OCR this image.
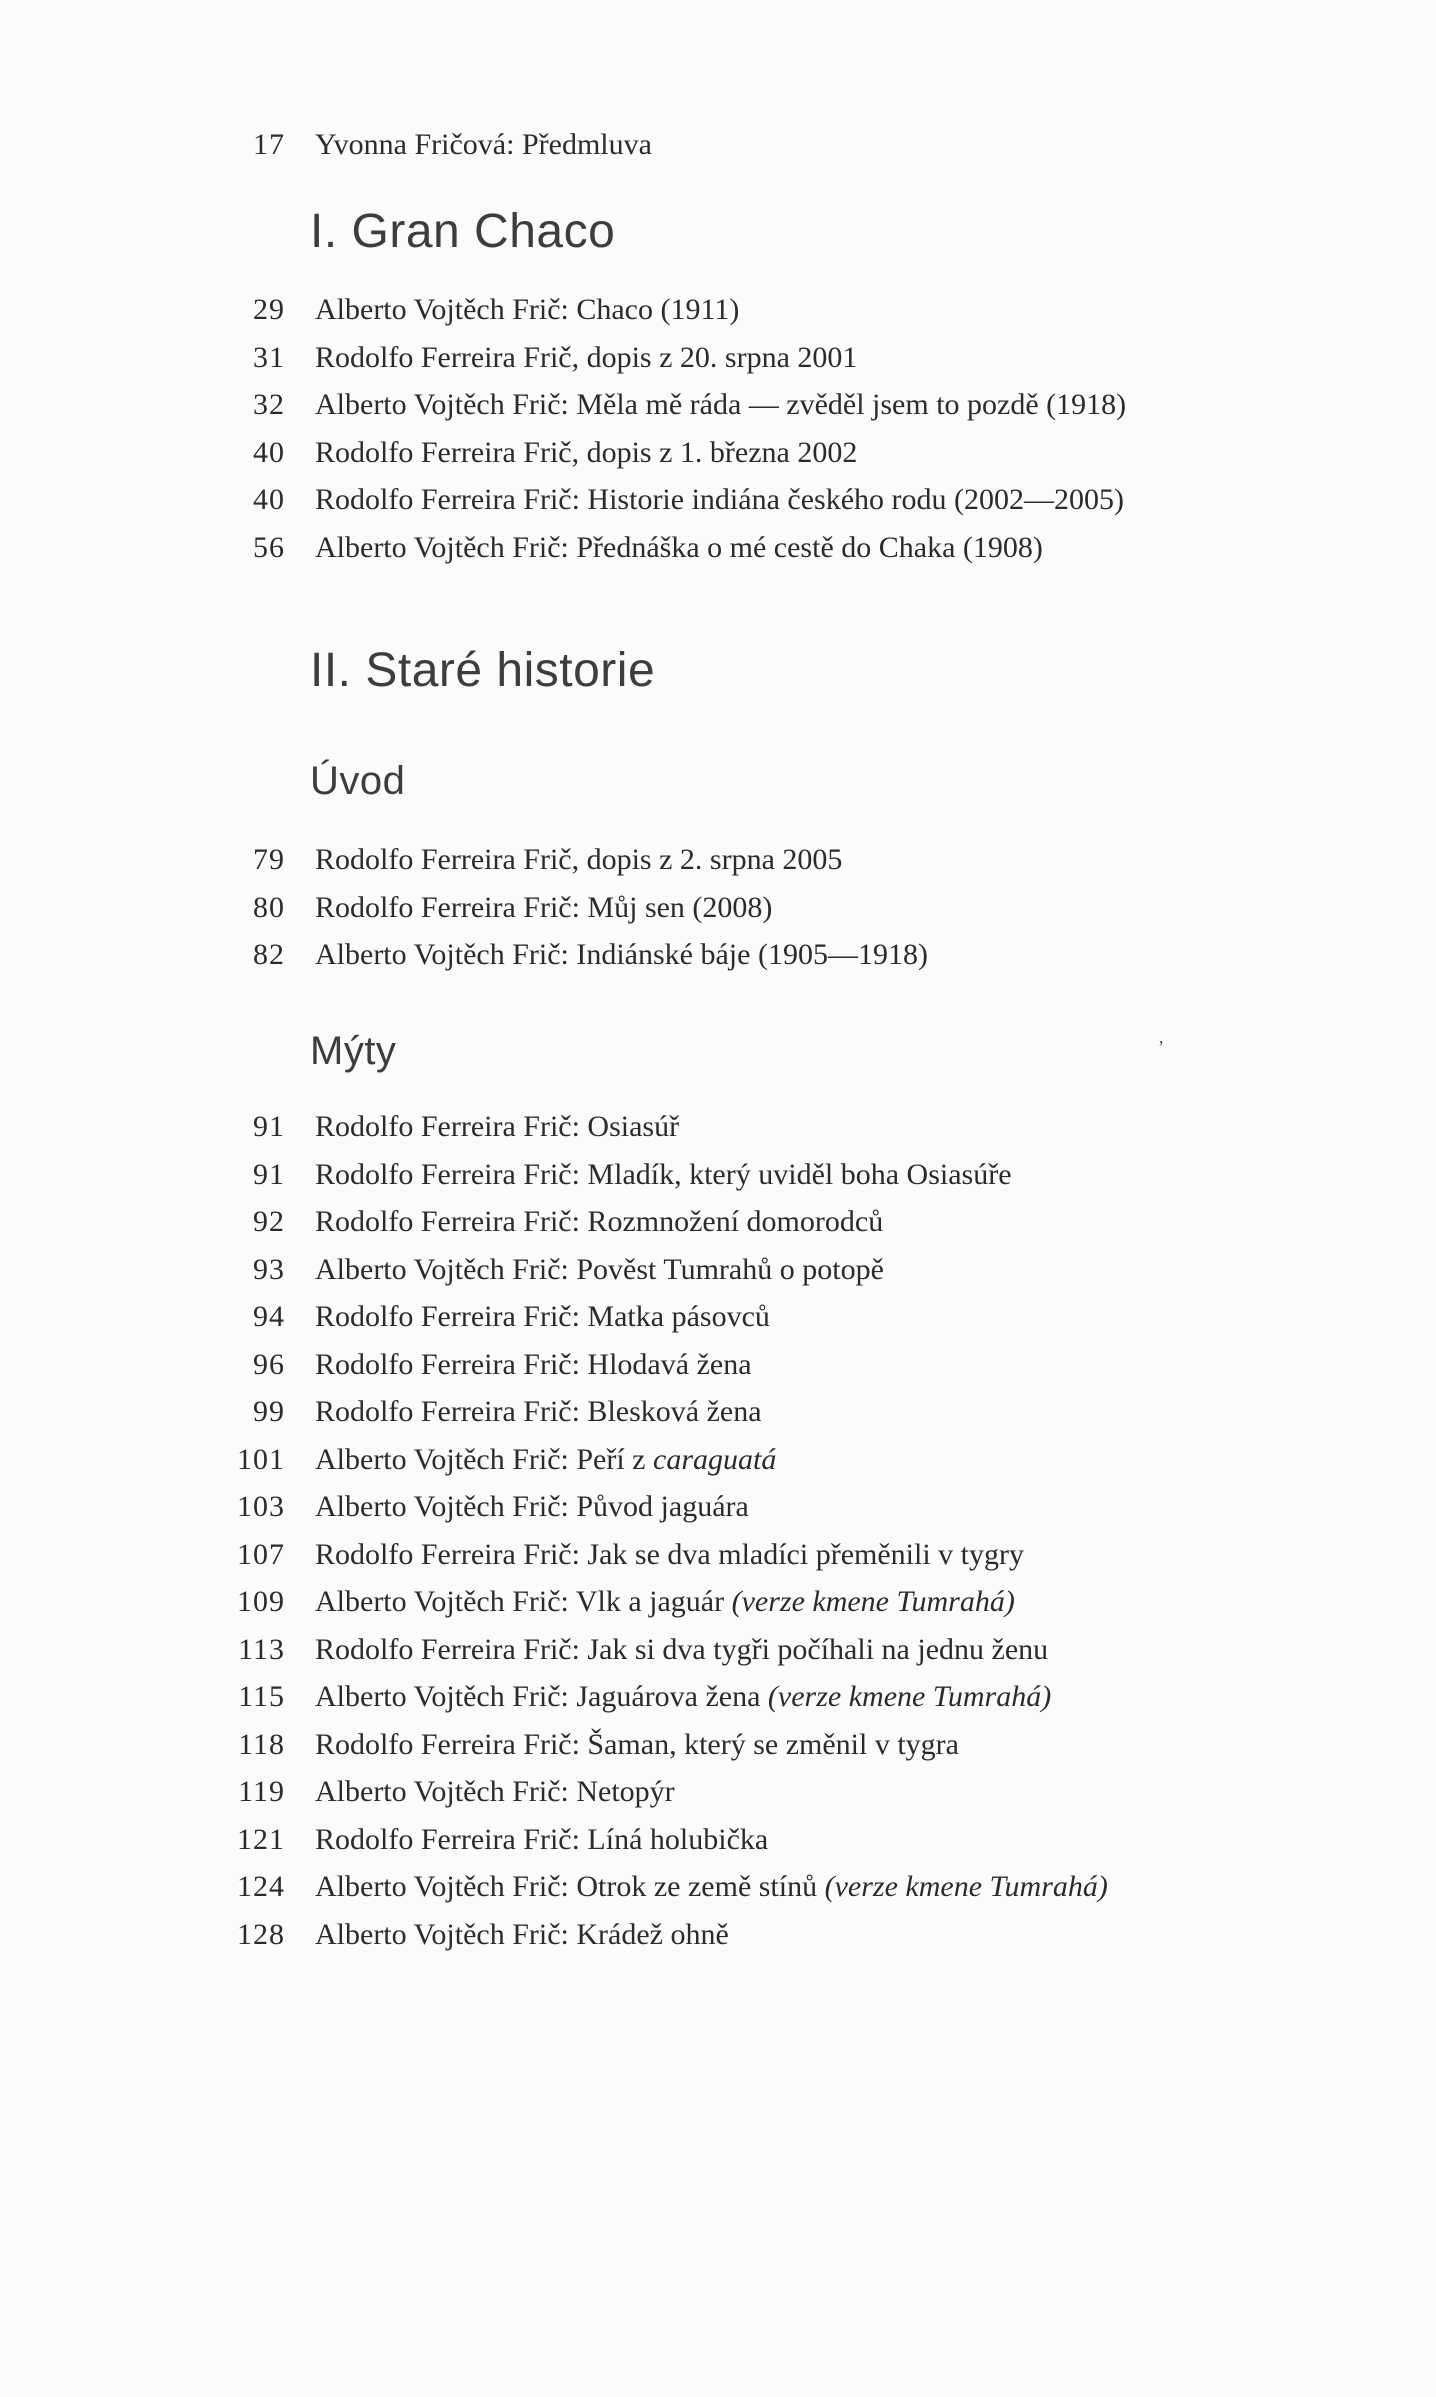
17 Yvonna Fričová: Předmluva
I. Gran Chaco
29 Alberto Vojtěch Frič: Chaco (1911)
31 Rodolfo Ferreira Frič, dopis z 20. srpna 2001
32 Alberto Vojtěch Frič: Měla mě ráda — zvěděl jsem to pozdě (1918)
40 Rodolfo Ferreira Frič, dopis z 1. března 2002
40 Rodolfo Ferreira Frič: Historie indiána českého rodu (2002—2005)
56 Alberto Vojtěch Frič: Přednáška o mé cestě do Chaka (1908)
II. Staré historie
Úvod
79 Rodolfo Ferreira Frič, dopis z 2. srpna 2005
80 Rodolfo Ferreira Frič: Můj sen (2008)
82 Alberto Vojtěch Frič: Indiánské báje (1905—1918)
Mýty
91 Rodolfo Ferreira Frič: Osiasúř
91 Rodolfo Ferreira Frič: Mladík, který uviděl boha Osiasúře
92 Rodolfo Ferreira Frič: Rozmnožení domorodců
93 Alberto Vojtěch Frič: Pověst Tumrahů o potopě
94 Rodolfo Ferreira Frič: Matka pásovců
96 Rodolfo Ferreira Frič: Hlodavá žena
99 Rodolfo Ferreira Frič: Blesková žena
101 Alberto Vojtěch Frič: Peří z caraguatá
103 Alberto Vojtěch Frič: Původ jaguára
107 Rodolfo Ferreira Frič: Jak se dva mladíci přeměnili v tygry
109 Alberto Vojtěch Frič: Vlk a jaguár (verze kmene Tumrahá)
113 Rodolfo Ferreira Frič: Jak si dva tygři počíhali na jednu ženu
115 Alberto Vojtěch Frič: Jaguárova žena (verze kmene Tumrahá)
118 Rodolfo Ferreira Frič: Šaman, který se změnil v tygra
119 Alberto Vojtěch Frič: Netopýr
121 Rodolfo Ferreira Frič: Líná holubička
124 Alberto Vojtěch Frič: Otrok ze země stínů (verze kmene Tumrahá)
128 Alberto Vojtěch Frič: Krádež ohně
’
